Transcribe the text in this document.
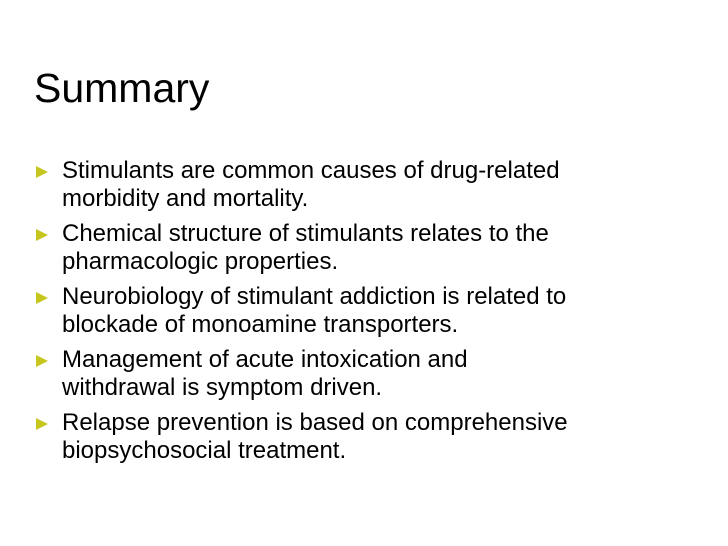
Summary
Stimulants are common causes of drug-related
morbidity and mortality.
Chemical structure of stimulants relates to the
pharmacologic properties.
Neurobiology of stimulant addiction is related to
blockade of monoamine transporters.
Management of acute intoxication and
withdrawal is symptom driven.
Relapse prevention is based on comprehensive
biopsychosocial treatment.
